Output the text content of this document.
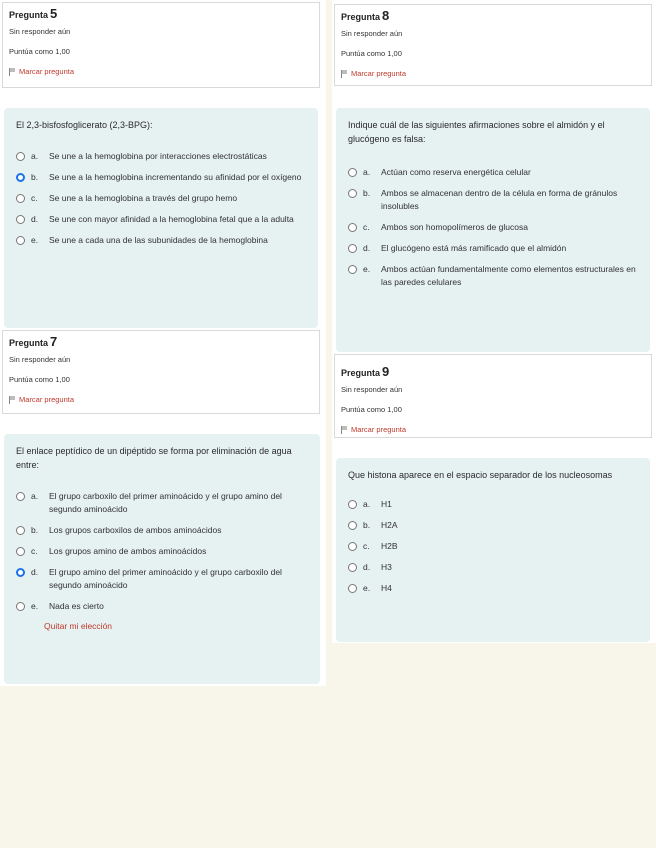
Pregunta 5
Sin responder aún
Puntúa como 1,00
Marcar pregunta
El 2,3-bisfosfoglicerato (2,3-BPG):
a.	Se une a la hemoglobina por interacciones electrostáticas
b.	Se une a la hemoglobina incrementando su afinidad por el oxígeno
c.	Se une a la hemoglobina a través del grupo hemo
d.	Se une con mayor afinidad a la hemoglobina fetal que a la adulta
e.	Se une a cada una de las subunidades de la hemoglobina
Pregunta 7
Sin responder aún
Puntúa como 1,00
Marcar pregunta
El enlace peptídico de un dipéptido se forma por eliminación de agua entre:
a.	El grupo carboxilo del primer aminoácido y el grupo amino del segundo aminoácido
b.	Los grupos carboxilos de ambos aminoácidos
c.	Los grupos amino de ambos aminoácidos
d.	El grupo amino del primer aminoácido y el grupo carboxilo del segundo aminoácido
e.	Nada es cierto
Quitar mi elección
Pregunta 8
Sin responder aún
Puntúa como 1,00
Marcar pregunta
Indique cuál de las siguientes afirmaciones sobre el almidón y el glucógeno es falsa:
a.	Actúan como reserva energética celular
b.	Ambos se almacenan dentro de la célula en forma de gránulos insolubles
c.	Ambos son homopolímeros de glucosa
d.	El glucógeno está más ramificado que el almidón
e.	Ambos actúan fundamentalmente como elementos estructurales en las paredes celulares
Pregunta 9
Sin responder aún
Puntúa como 1,00
Marcar pregunta
Que histona aparece en el espacio separador de los nucleosomas
a.	H1
b.	H2A
c.	H2B
d.	H3
e.	H4
